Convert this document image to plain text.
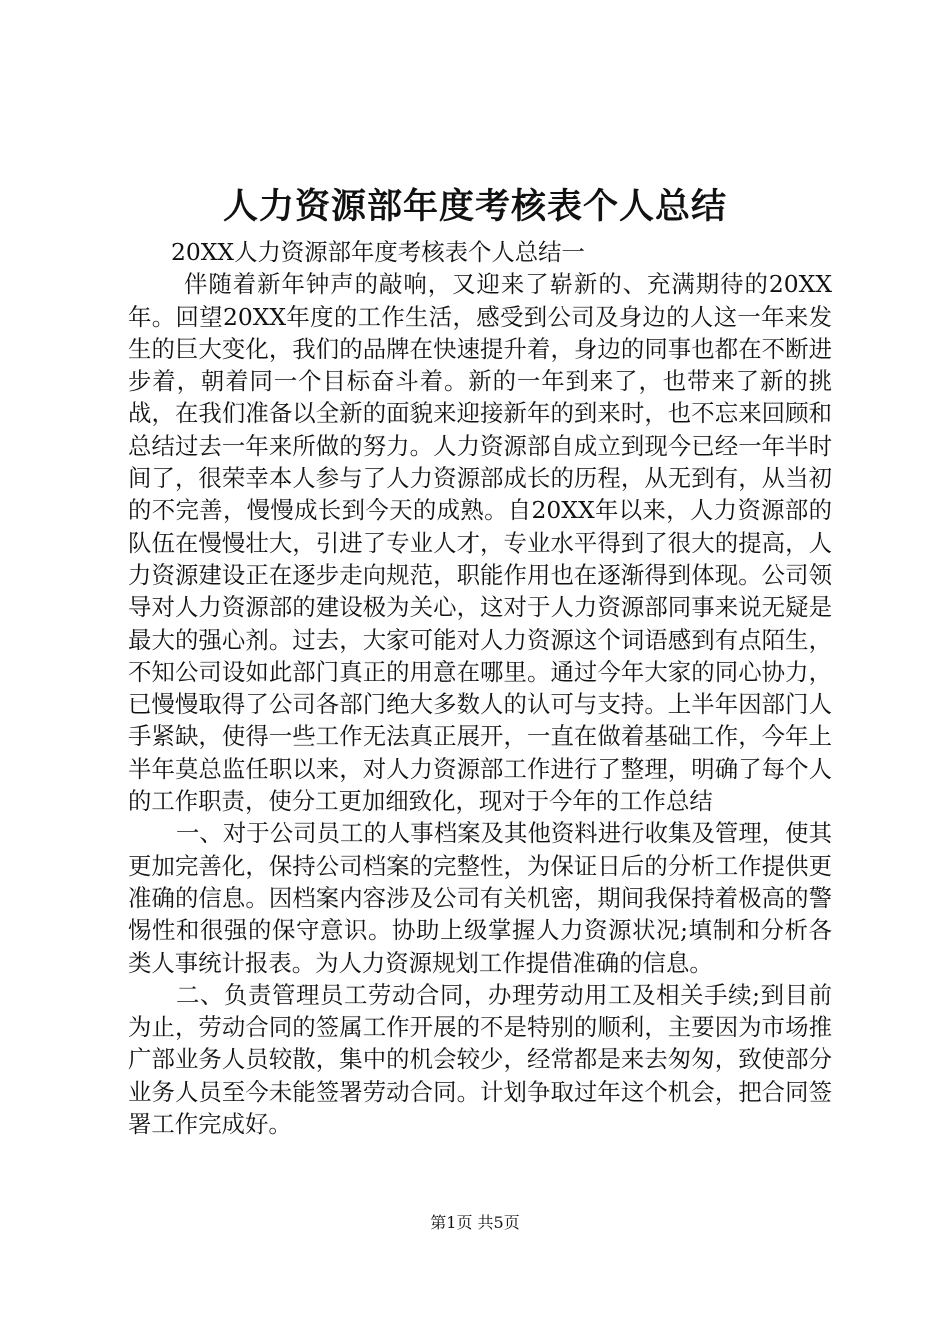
人力资源部年度考核表个人总结

20XX人力资源部年度考核表个人总结一

伴随着新年钟声的敲响，又迎来了崭新的、充满期待的20XX年。回望20XX年度的工作生活，感受到公司及身边的人这一年来发生的巨大变化，我们的品牌在快速提升着，身边的同事也都在不断进步着，朝着同一个目标奋斗着。新的一年到来了，也带来了新的挑战，在我们准备以全新的面貌来迎接新年的到来时，也不忘来回顾和总结过去一年来所做的努力。人力资源部自成立到现今已经一年半时间了，很荣幸本人参与了人力资源部成长的历程，从无到有，从当初的不完善，慢慢成长到今天的成熟。自20XX年以来，人力资源部的队伍在慢慢壮大，引进了专业人才，专业水平得到了很大的提高，人力资源建设正在逐步走向规范，职能作用也在逐渐得到体现。公司领导对人力资源部的建设极为关心，这对于人力资源部同事来说无疑是最大的强心剂。过去，大家可能对人力资源这个词语感到有点陌生，不知公司设如此部门真正的用意在哪里。通过今年大家的同心协力，已慢慢取得了公司各部门绝大多数人的认可与支持。上半年因部门人手紧缺，使得一些工作无法真正展开，一直在做着基础工作，今年上半年莫总监任职以来，对人力资源部工作进行了整理，明确了每个人的工作职责，使分工更加细致化，现对于今年的工作总结

一、对于公司员工的人事档案及其他资料进行收集及管理，使其更加完善化，保持公司档案的完整性，为保证日后的分析工作提供更准确的信息。因档案内容涉及公司有关机密，期间我保持着极高的警惕性和很强的保守意识。协助上级掌握人力资源状况;填制和分析各类人事统计报表。为人力资源规划工作提借准确的信息。

二、负责管理员工劳动合同，办理劳动用工及相关手续;到目前为止，劳动合同的签属工作开展的不是特别的顺利，主要因为市场推广部业务人员较散，集中的机会较少，经常都是来去匆匆，致使部分业务人员至今未能签署劳动合同。计划争取过年这个机会，把合同签署工作完成好。

第1页 共5页
